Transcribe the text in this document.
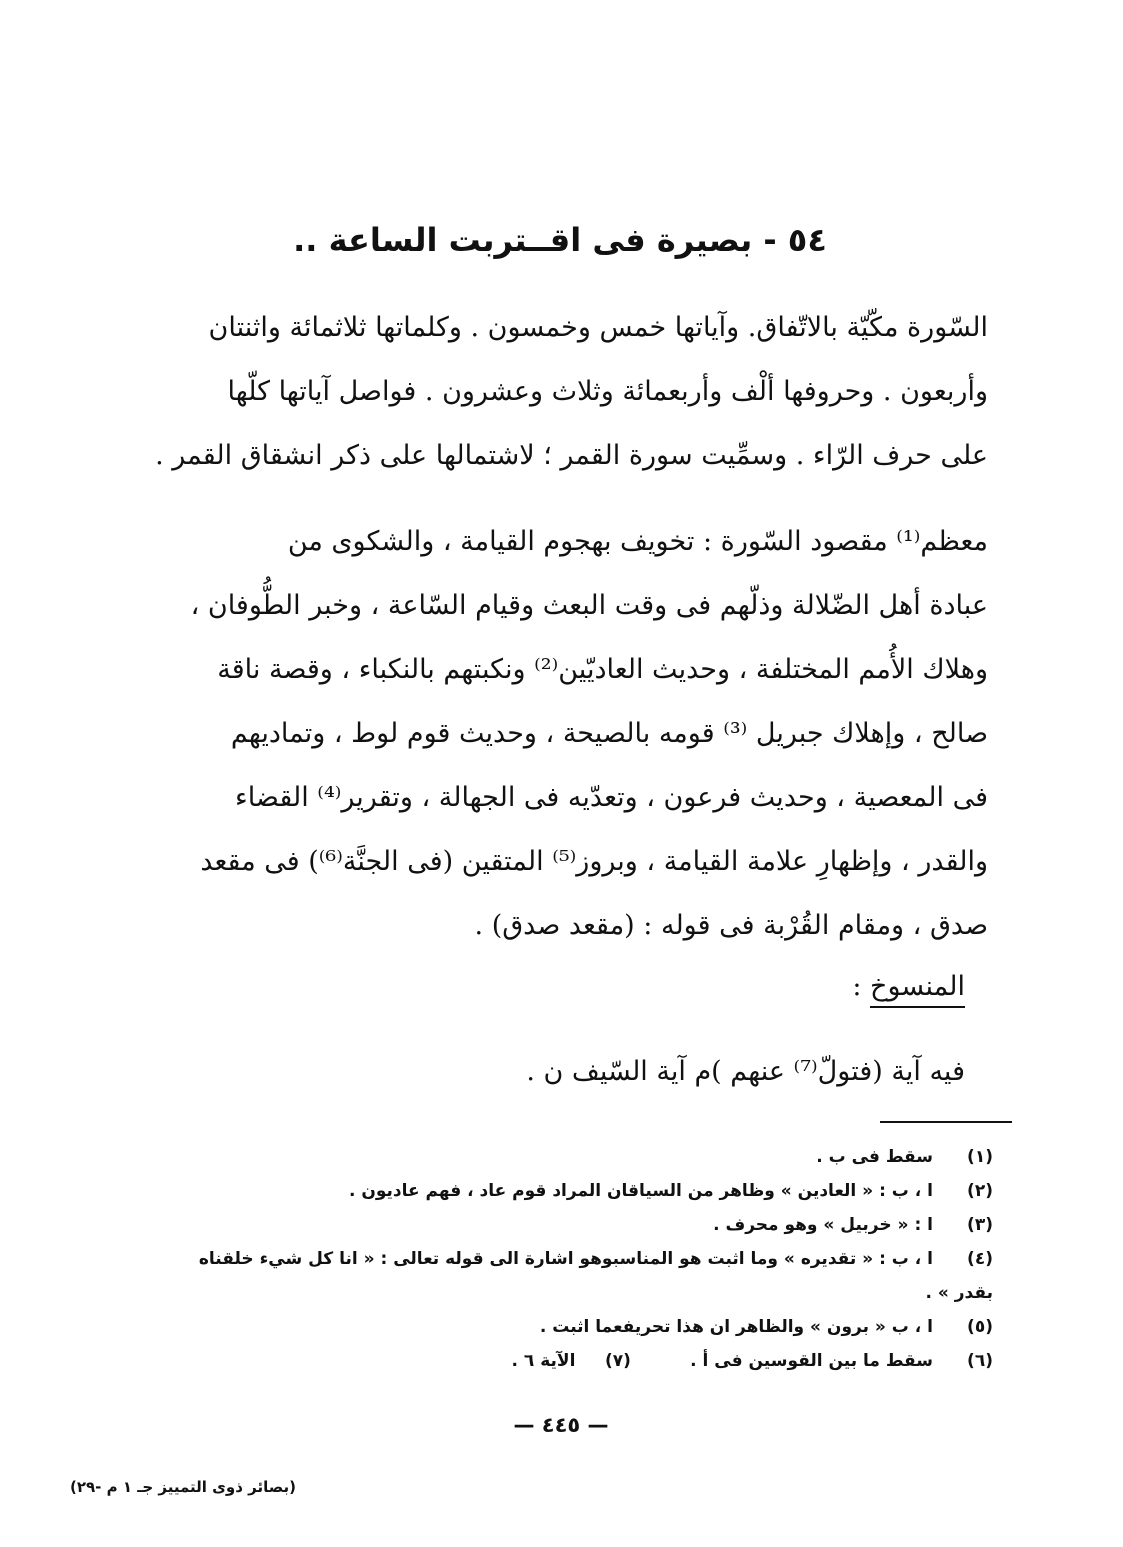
٥٤ - بصيرة فى اقــتربت الساعة ..
السّورة مكّيّة بالاتّفاق. وآياتها خمس وخمسون . وكلماتها ثلاثمائة واثنتان
وأربعون . وحروفها ألْف وأربعمائة وثلاث وعشرون . فواصل آياتها كلّها
على حرف الرّاء . وسمِّيت سورة القمر ؛ لاشتمالها على ذكر انشقاق القمر .
معظم⁽¹⁾ مقصود السّورة : تخويف بهجوم القيامة ، والشكوى من
عبادة أهل الضّلالة وذلّهم فى وقت البعث وقيام السّاعة ، وخبر الطُّوفان ،
وهلاك الأُمم المختلفة ، وحديث العاديّين⁽²⁾ ونكبتهم بالنكباء ، وقصة ناقة
صالح ، وإهلاك جبريل ⁽³⁾ قومه بالصيحة ، وحديث قوم لوط ، وتماديهم
فى المعصية ، وحديث فرعون ، وتعدّيه فى الجهالة ، وتقرير⁽⁴⁾ القضاء
والقدر ، وإظهارِ علامة القيامة ، وبروز⁽⁵⁾ المتقين (فى الجنَّة⁽⁶⁾) فى مقعد
صدق ، ومقام القُرْبة فى قوله : (مقعد صدق) .
المنسوخ :
فيه آية (فتولّ⁽⁷⁾ عنهم )م آية السّيف ن .
(١)
سقط فى ب .
(٢)
ا ، ب : « العادين » وظاهر من السياقان المراد قوم عاد ، فهم عاديون .
(٣)
ا : « خربيل » وهو محرف .
(٤)
ا ، ب : « تقديره » وما اثبت هو المناسبوهو اشارة الى قوله تعالى : « انا كل شيء خلقناه
بقدر » .
(٥)
ا ، ب « برون » والظاهر ان هذا تحريفعما اثبت .
(٦)
سقط ما بين القوسين فى أ .          (٧)     الآية ٦ .
— ٤٤٥ —
(بصائر ذوى التمييز جـ ١ م -٢٩)
